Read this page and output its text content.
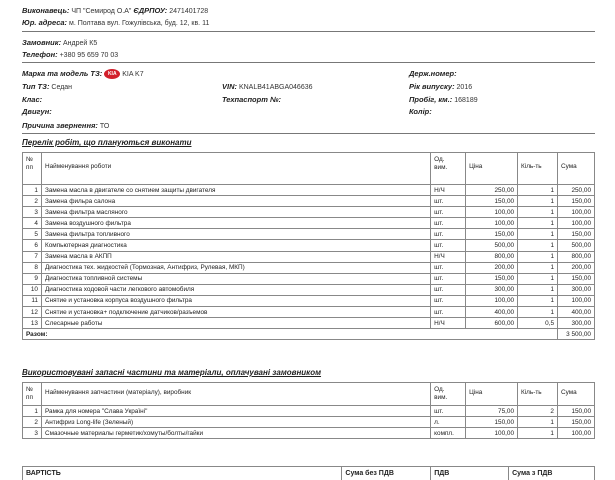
Виконавець: ЧП "Семирод О.А" ЄДРПОУ: 2471401728
Юр. адреса: м. Полтава вул. Гожулівська, буд. 12, кв. 11
Замовник: Андрей К5
Телефон: +380 95 659 70 03
Марка та модель ТЗ: KIA KIA K7	Держ.номер:
Тип ТЗ: Седан	VIN: KNALB41ABGA046636	Рік випуску: 2016
Клас:	Техпаспорт №:	Пробіг, км.: 168189
Двигун:	Колір:
Причина звернення: ТО
Перелік робіт, що плануються виконати
№
пп	Найменування роботи	Од.
вим.	Ціна	Кіль-ть	Сума
1	Замена масла в двигателе со снятием защиты двигателя	Н/Ч	250,00	1	250,00
2	Замена фильра салона	шт.	150,00	1	150,00
3	Замена фильтра масляного	шт.	100,00	1	100,00
4	Замена воздушного фильтра	шт.	100,00	1	100,00
5	Замена фильтра топливного	шт.	150,00	1	150,00
6	Компьютерная диагностика	шт.	500,00	1	500,00
7	Замена масла в АКПП	Н/Ч	800,00	1	800,00
8	Диагностика тех. жидкостей (Тормозная, Антифриз, Рулевая, МКП)	шт.	200,00	1	200,00
9	Диагностика топливной системы	шт.	150,00	1	150,00
10	Диагностика ходовой части легкового автомобиля	шт.	300,00	1	300,00
11	Снятие и установка корпуса воздушного фильтра	шт.	100,00	1	100,00
12	Снятие и установка+ подключение датчиков/разъемов	шт.	400,00	1	400,00
13	Слесарные работы	Н/Ч	600,00	0,5	300,00
Разом:					3 500,00
Використовувані запасні частини та матеріали, оплачувані замовником
№
пп	Найменування запчастини (матеріалу), виробник	Од.
вим.	Ціна	Кіль-ть	Сума
1	Рамка для номера "Слава Україні"	шт.	75,00	2	150,00
2	Антифриз Long-life (Зеленый)	л.	150,00	1	150,00
3	Смазочные материалы герметик/хомуты/болты/гайки	компл.	100,00	1	100,00
ВАРТІСТЬ	Сума без ПДВ	ПДВ	Сума з ПДВ
